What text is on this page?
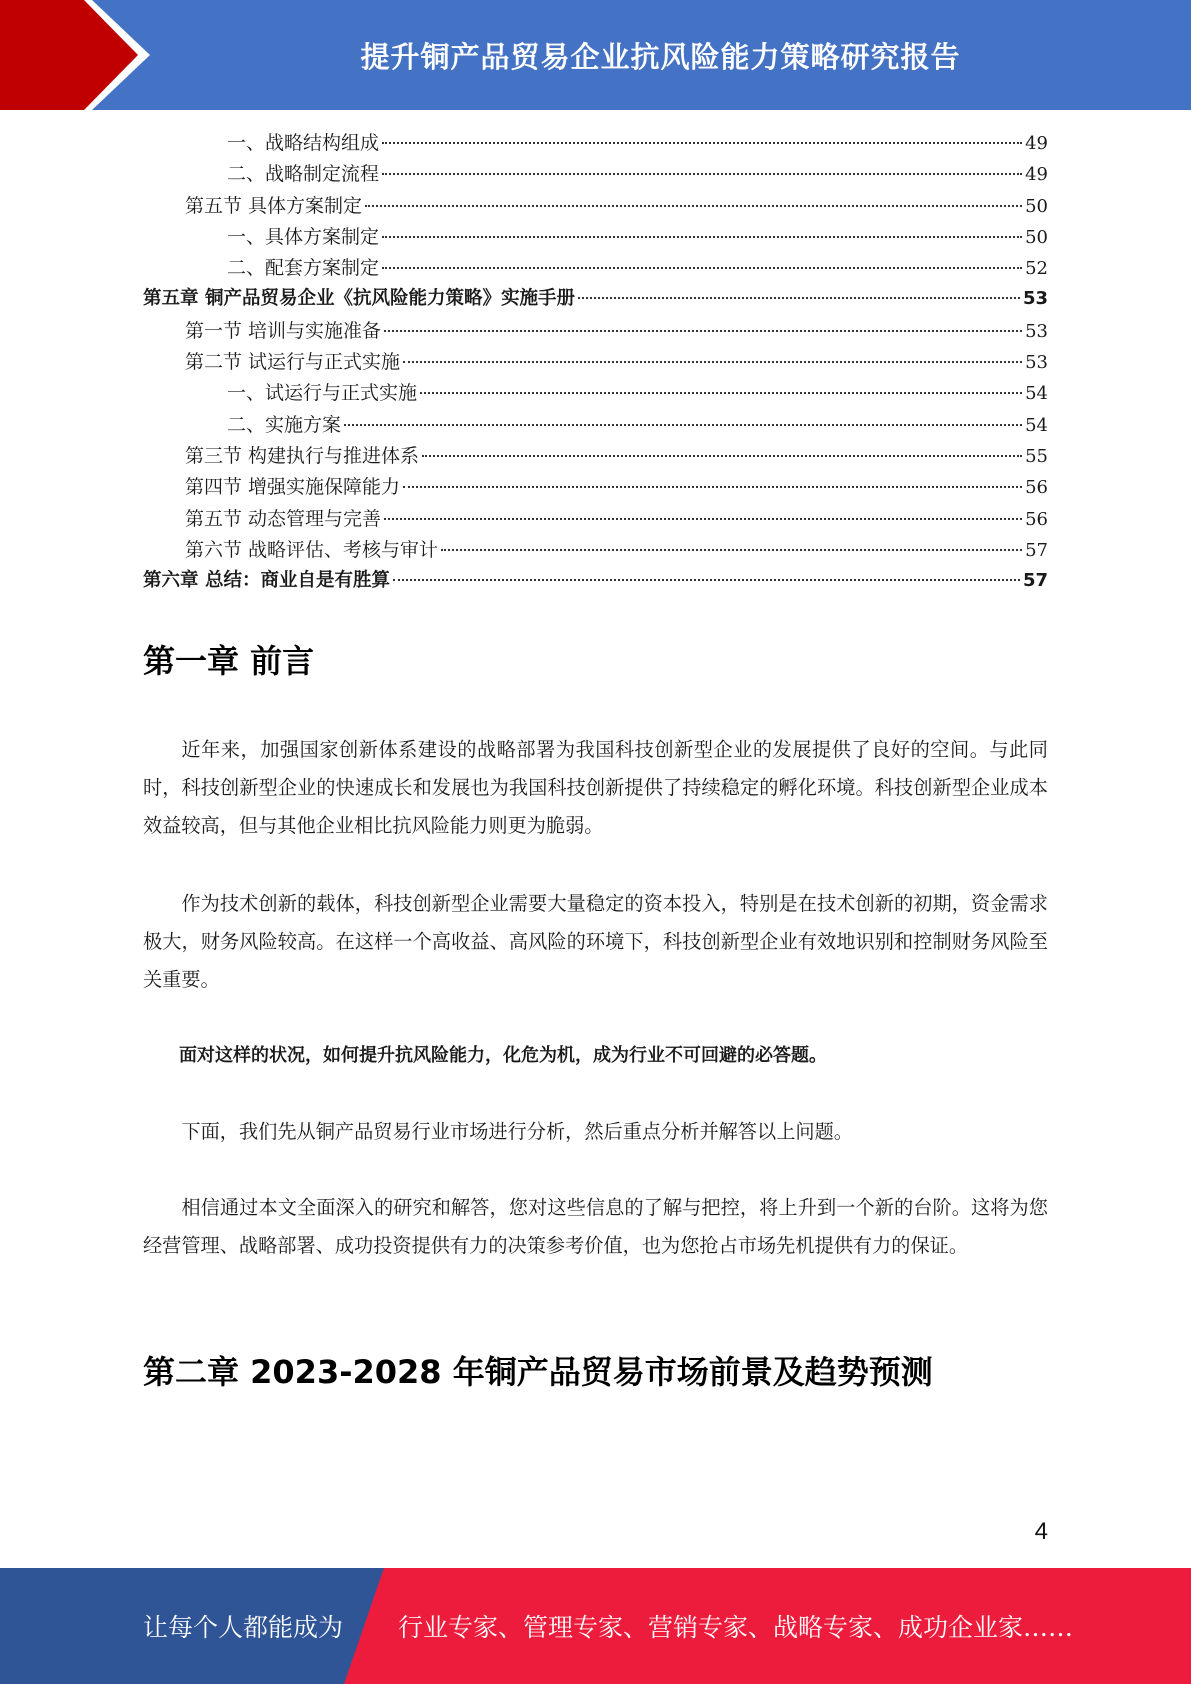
提升铜产品贸易企业抗风险能力策略研究报告
一、战略结构组成	49
二、战略制定流程	49
第五节 具体方案制定	50
一、具体方案制定	50
二、配套方案制定	52
第五章 铜产品贸易企业《抗风险能力策略》实施手册	53
第一节 培训与实施准备	53
第二节 试运行与正式实施	53
一、试运行与正式实施	54
二、实施方案	54
第三节 构建执行与推进体系	55
第四节 增强实施保障能力	56
第五节 动态管理与完善	56
第六节 战略评估、考核与审计	57
第六章 总结：商业自是有胜算	57
第一章 前言

近年来，加强国家创新体系建设的战略部署为我国科技创新型企业的发展提供了良好的空间。与此同时，科技创新型企业的快速成长和发展也为我国科技创新提供了持续稳定的孵化环境。科技创新型企业成本效益较高，但与其他企业相比抗风险能力则更为脆弱。

作为技术创新的载体，科技创新型企业需要大量稳定的资本投入，特别是在技术创新的初期，资金需求极大，财务风险较高。在这样一个高收益、高风险的环境下，科技创新型企业有效地识别和控制财务风险至关重要。

面对这样的状况，如何提升抗风险能力，化危为机，成为行业不可回避的必答题。

下面，我们先从铜产品贸易行业市场进行分析，然后重点分析并解答以上问题。

相信通过本文全面深入的研究和解答，您对这些信息的了解与把控，将上升到一个新的台阶。这将为您经营管理、战略部署、成功投资提供有力的决策参考价值，也为您抢占市场先机提供有力的保证。

第二章 2023-2028 年铜产品贸易市场前景及趋势预测
4
让每个人都能成为 行业专家、管理专家、营销专家、战略专家、成功企业家……
